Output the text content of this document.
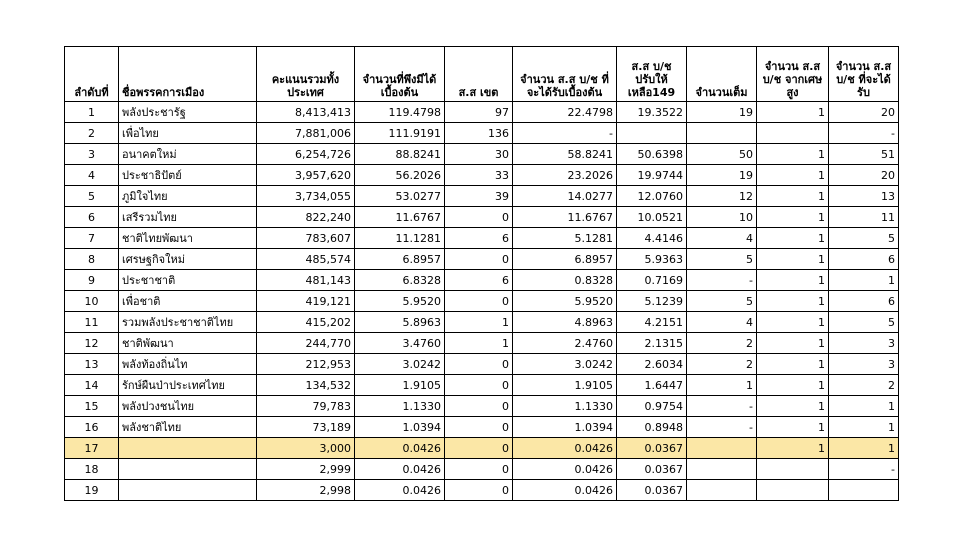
ลำดับที่	ชื่อพรรคการเมือง	คะแนนรวมทั้งประเทศ	จำนวนที่พึงมีได้เบื้องต้น	ส.ส เขต	จำนวน ส.ส บ/ช ที่จะได้รับเบื้องต้น	ส.ส บ/ช ปรับให้เหลือ149	จำนวนเต็ม	จำนวน ส.ส บ/ช จากเศษสูง	จำนวน ส.ส บ/ช ที่จะได้รับ
1	พลังประชารัฐ	8,413,413	119.4798	97	22.4798	19.3522	19	1	20
2	เพื่อไทย	7,881,006	111.9191	136	-				-
3	อนาคตใหม่	6,254,726	88.8241	30	58.8241	50.6398	50	1	51
4	ประชาธิปัตย์	3,957,620	56.2026	33	23.2026	19.9744	19	1	20
5	ภูมิใจไทย	3,734,055	53.0277	39	14.0277	12.0760	12	1	13
6	เสรีรวมไทย	822,240	11.6767	0	11.6767	10.0521	10	1	11
7	ชาติไทยพัฒนา	783,607	11.1281	6	5.1281	4.4146	4	1	5
8	เศรษฐกิจใหม่	485,574	6.8957	0	6.8957	5.9363	5	1	6
9	ประชาชาติ	481,143	6.8328	6	0.8328	0.7169	-	1	1
10	เพื่อชาติ	419,121	5.9520	0	5.9520	5.1239	5	1	6
11	รวมพลังประชาชาติไทย	415,202	5.8963	1	4.8963	4.2151	4	1	5
12	ชาติพัฒนา	244,770	3.4760	1	2.4760	2.1315	2	1	3
13	พลังท้องถิ่นไท	212,953	3.0242	0	3.0242	2.6034	2	1	3
14	รักษ์ผืนป่าประเทศไทย	134,532	1.9105	0	1.9105	1.6447	1	1	2
15	พลังปวงชนไทย	79,783	1.1330	0	1.1330	0.9754	-	1	1
16	พลังชาติไทย	73,189	1.0394	0	1.0394	0.8948	-	1	1
17		3,000	0.0426	0	0.0426	0.0367		1	1
18		2,999	0.0426	0	0.0426	0.0367			-
19		2,998	0.0426	0	0.0426	0.0367			
